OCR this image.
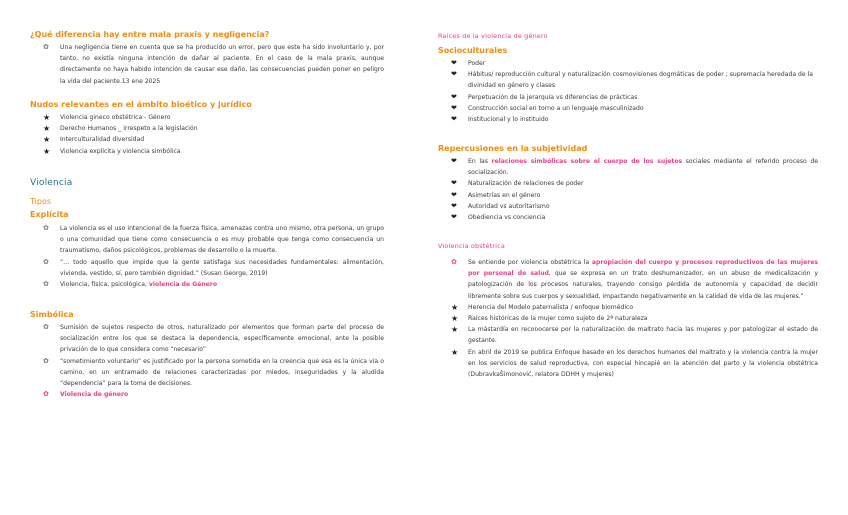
¿Qué diferencia hay entre mala praxis y negligencia?
✿ Una negligencia tiene en cuenta que se ha producido un error, pero que este ha sido involuntario y, por tanto, no existía ninguna intención de dañar al paciente. En el caso de la mala praxis, aunque directamente no haya habido intención de causar ese daño, las consecuencias pueden poner en peligro la vida del paciente.13 ene 2025
Nudos relevantes en el ámbito bioético y jurídico
★ Violencia gineco obstétrica - Género
★ Derecho Humanos _ irrespeto a la legislación
★ Interculturalidad diversidad
★ Violencia explícita y violencia simbólica
Violencia
Tipos
Explícita
✿ La violencia es el uso intencional de la fuerza física, amenazas contra uno mismo, otra persona, un grupo o una comunidad que tiene como consecuencia o es muy probable que tenga como consecuencia un traumatismo, daños psicológicos, problemas de desarrollo o la muerte.
✿ “… todo aquello que impide que la gente satisfaga sus necesidades fundamentales: alimentación, vivienda, vestido, sí, pero también dignidad.” (Susan George, 2019)
✿ Violencia, física, psicológica, violencia de Género
Simbólica
✿ Sumisión de sujetos respecto de otros, naturalizado por elementos que forman parte del proceso de socialización entre los que se destaca la dependencia, específicamente emocional, ante la posible privación de lo que considera como “necesario”
✿ “sometimiento voluntario” es justificado por la persona sometida en la creencia que esa es la única vía o camino, en un entramado de relaciones caracterizadas por miedos, inseguridades y la aludida “dependencia” para la toma de decisiones.
✿ Violencia de género
Raíces de la violencia de género
Socioculturales
❤ Poder
❤ Hábitus/ reproducción cultural y naturalización cosmovisiones dogmáticas de poder ; supremacía heredada de la divinidad en género y clases
❤ Perpetuación de la jerarquía vs diferencias de prácticas
❤ Construcción social en torno a un lenguaje masculinizado
❤ Institucional y lo instituido
Repercusiones en la subjetividad
❤ En las relaciones simbólicas sobre el cuerpo de los sujetos sociales mediante el referido proceso de socialización.
❤ Naturalización de relaciones de poder
❤ Asimetrías en el género
❤ Autoridad vs autoritarismo
❤ Obediencia vs conciencia
Violencia obstétrica
✿ Se entiende por violencia obstétrica la apropiación del cuerpo y procesos reproductivos de las mujeres por personal de salud, que se expresa en un trato deshumanizador, en un abuso de medicalización y patologización de los procesos naturales, trayendo consigo pérdida de autonomía y capacidad de decidir libremente sobre sus cuerpos y sexualidad, impactando negativamente en la calidad de vida de las mujeres.”
★ Herencia del Modelo paternalista / enfoque biomédico
★ Raíces históricas de la mujer como sujeto de 2ª naturaleza
★ La mástardía en reconocerse por la naturalización de maltrato hacia las mujeres y por patologizar el estado de gestante.
★ En abril de 2019 se publica Enfoque basado en los derechos humanos del maltrato y la violencia contra la mujer en los servicios de salud reproductiva, con especial hincapié en la atención del parto y la violencia obstétrica (DubravkaŠimonović, relatora DDHH y mujeres)
